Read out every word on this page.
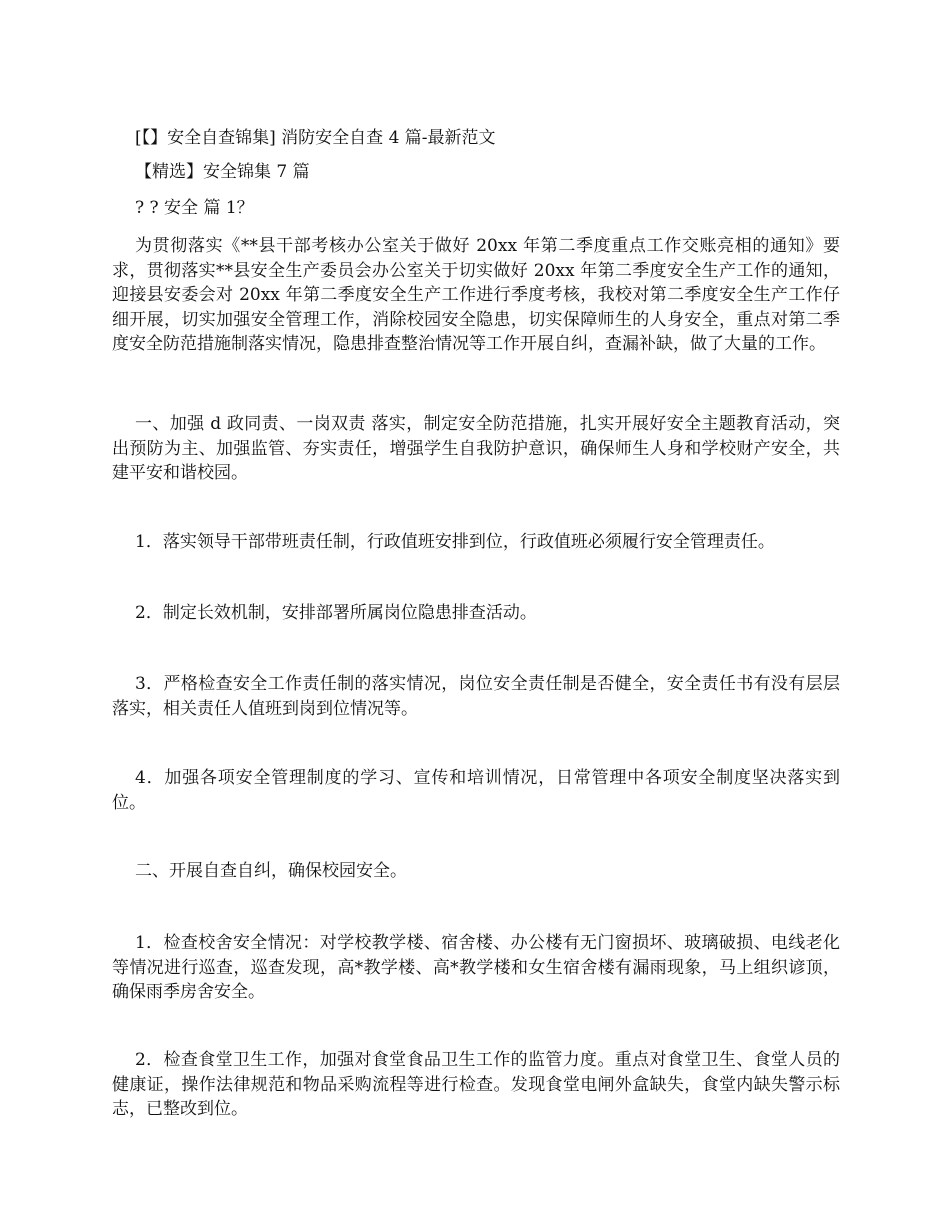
[【】安全自查锦集] 消防安全自查 4 篇-最新范文

【精选】安全锦集 7 篇

? ? 安全 篇 1？

为贯彻落实《**县干部考核办公室关于做好 20xx 年第二季度重点工作交账亮相的通知》要求，贯彻落实**县安全生产委员会办公室关于切实做好 20xx 年第二季度安全生产工作的通知，迎接县安委会对 20xx 年第二季度安全生产工作进行季度考核，我校对第二季度安全生产工作仔细开展，切实加强安全管理工作，消除校园安全隐患，切实保障师生的人身安全，重点对第二季度安全防范措施制落实情况，隐患排查整治情况等工作开展自纠，查漏补缺，做了大量的工作。

一、加强 d 政同责、一岗双责 落实，制定安全防范措施，扎实开展好安全主题教育活动，突出预防为主、加强监管、夯实责任，增强学生自我防护意识，确保师生人身和学校财产安全，共建平安和谐校园。

1．落实领导干部带班责任制，行政值班安排到位，行政值班必须履行安全管理责任。

2．制定长效机制，安排部署所属岗位隐患排查活动。

3．严格检查安全工作责任制的落实情况，岗位安全责任制是否健全，安全责任书有没有层层落实，相关责任人值班到岗到位情况等。

4．加强各项安全管理制度的学习、宣传和培训情况，日常管理中各项安全制度坚决落实到位。

二、开展自查自纠，确保校园安全。

1．检查校舍安全情况：对学校教学楼、宿舍楼、办公楼有无门窗损坏、玻璃破损、电线老化等情况进行巡查，巡查发现，高*教学楼、高*教学楼和女生宿舍楼有漏雨现象，马上组织谚顶，确保雨季房舍安全。

2．检查食堂卫生工作，加强对食堂食品卫生工作的监管力度。重点对食堂卫生、食堂人员的健康证，操作法律规范和物品采购流程等进行检查。发现食堂电闸外盒缺失，食堂内缺失警示标志，已整改到位。
